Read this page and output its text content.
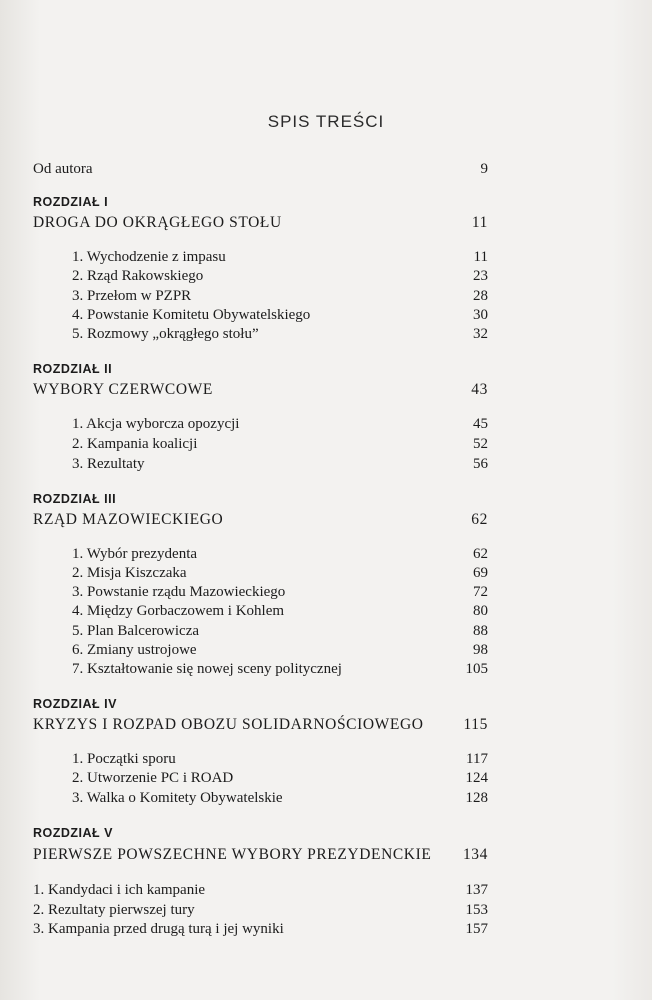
SPIS TREŚCI
Od autora	9
ROZDZIAŁ I
DROGA DO OKRĄGŁEGO STOŁU	11
1. Wychodzenie z impasu	11
2. Rząd Rakowskiego	23
3. Przełom w PZPR	28
4. Powstanie Komitetu Obywatelskiego	30
5. Rozmowy „okrągłego stołu”	32
ROZDZIAŁ II
WYBORY CZERWCOWE	43
1. Akcja wyborcza opozycji	45
2. Kampania koalicji	52
3. Rezultaty	56
ROZDZIAŁ III
RZĄD MAZOWIECKIEGO	62
1. Wybór prezydenta	62
2. Misja Kiszczaka	69
3. Powstanie rządu Mazowieckiego	72
4. Między Gorbaczowem i Kohlem	80
5. Plan Balcerowicza	88
6. Zmiany ustrojowe	98
7. Kształtowanie się nowej sceny politycznej	105
ROZDZIAŁ IV
KRYZYS I ROZPAD OBOZU SOLIDARNOŚCIOWEGO	115
1. Początki sporu	117
2. Utworzenie PC i ROAD	124
3. Walka o Komitety Obywatelskie	128
ROZDZIAŁ V
PIERWSZE POWSZECHNE WYBORY PREZYDENCKIE	134
1. Kandydaci i ich kampanie	137
2. Rezultaty pierwszej tury	153
3. Kampania przed drugą turą i jej wyniki	157
